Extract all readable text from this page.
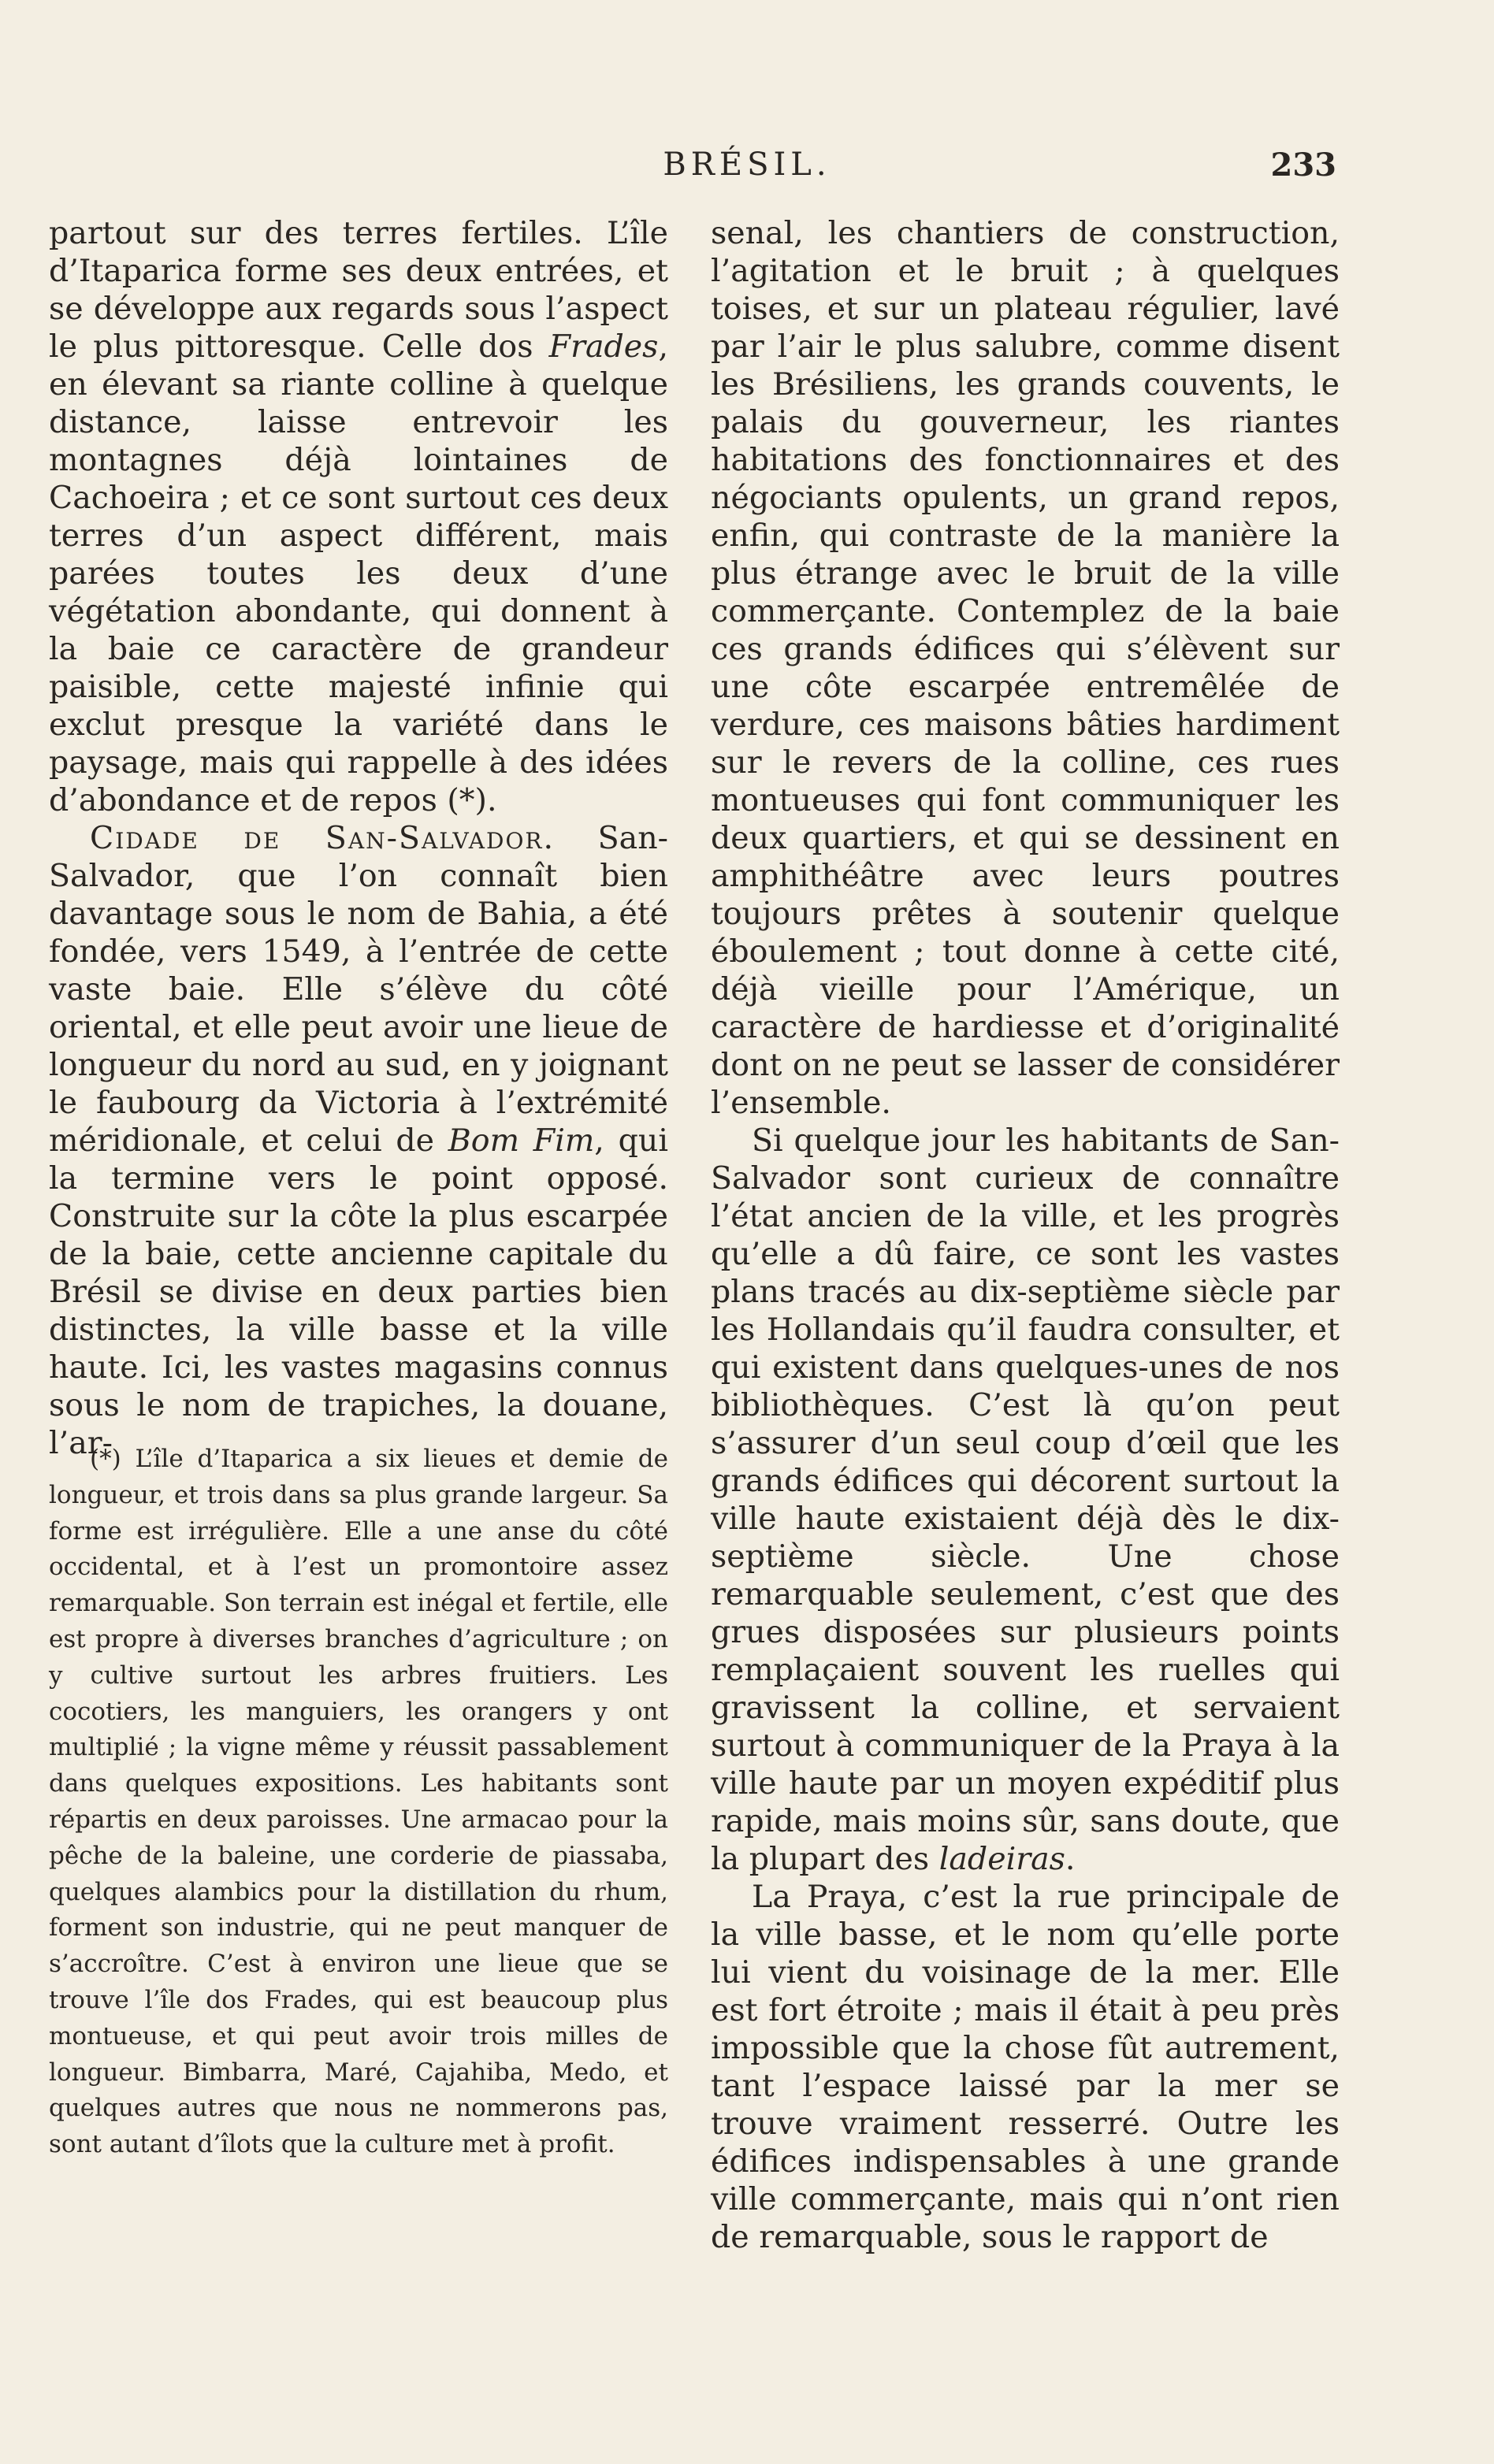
BRÉSIL.	233

partout sur des terres fertiles. L’île d’Itaparica forme ses deux entrées, et se développe aux regards sous l’aspect le plus pittoresque. Celle dos Frades, en élevant sa riante colline à quelque distance, laisse entrevoir les montagnes déjà lointaines de Cachoeira ; et ce sont surtout ces deux terres d’un aspect différent, mais parées toutes les deux d’une végétation abondante, qui donnent à la baie ce caractère de grandeur paisible, cette majesté infinie qui exclut presque la variété dans le paysage, mais qui rappelle à des idées d’abondance et de repos (*).

Cidade de San-Salvador. San-Salvador, que l’on connaît bien davantage sous le nom de Bahia, a été fondée, vers 1549, à l’entrée de cette vaste baie. Elle s’élève du côté oriental, et elle peut avoir une lieue de longueur du nord au sud, en y joignant le faubourg da Victoria à l’extrémité méridionale, et celui de Bom Fim, qui la termine vers le point opposé. Construite sur la côte la plus escarpée de la baie, cette ancienne capitale du Brésil se divise en deux parties bien distinctes, la ville basse et la ville haute. Ici, les vastes magasins connus sous le nom de trapiches, la douane, l’ar-

(*) L’île d’Itaparica a six lieues et demie de longueur, et trois dans sa plus grande largeur. Sa forme est irrégulière. Elle a une anse du côté occidental, et à l’est un promontoire assez remarquable. Son terrain est inégal et fertile, elle est propre à diverses branches d’agriculture ; on y cultive surtout les arbres fruitiers. Les cocotiers, les manguiers, les orangers y ont multiplié ; la vigne même y réussit passablement dans quelques expositions. Les habitants sont répartis en deux paroisses. Une armacao pour la pêche de la baleine, une corderie de piassaba, quelques alambics pour la distillation du rhum, forment son industrie, qui ne peut manquer de s’accroître. C’est à environ une lieue que se trouve l’île dos Frades, qui est beaucoup plus montueuse, et qui peut avoir trois milles de longueur. Bimbarra, Maré, Cajahiba, Medo, et quelques autres que nous ne nommerons pas, sont autant d’îlots que la culture met à profit.

senal, les chantiers de construction, l’agitation et le bruit ; à quelques toises, et sur un plateau régulier, lavé par l’air le plus salubre, comme disent les Brésiliens, les grands couvents, le palais du gouverneur, les riantes habitations des fonctionnaires et des négociants opulents, un grand repos, enfin, qui contraste de la manière la plus étrange avec le bruit de la ville commerçante. Contemplez de la baie ces grands édifices qui s’élèvent sur une côte escarpée entremêlée de verdure, ces maisons bâties hardiment sur le revers de la colline, ces rues montueuses qui font communiquer les deux quartiers, et qui se dessinent en amphithéâtre avec leurs poutres toujours prêtes à soutenir quelque éboulement ; tout donne à cette cité, déjà vieille pour l’Amérique, un caractère de hardiesse et d’originalité dont on ne peut se lasser de considérer l’ensemble.

Si quelque jour les habitants de San-Salvador sont curieux de connaître l’état ancien de la ville, et les progrès qu’elle a dû faire, ce sont les vastes plans tracés au dix-septième siècle par les Hollandais qu’il faudra consulter, et qui existent dans quelques-unes de nos bibliothèques. C’est là qu’on peut s’assurer d’un seul coup d’œil que les grands édifices qui décorent surtout la ville haute existaient déjà dès le dix-septième siècle. Une chose remarquable seulement, c’est que des grues disposées sur plusieurs points remplaçaient souvent les ruelles qui gravissent la colline, et servaient surtout à communiquer de la Praya à la ville haute par un moyen expéditif plus rapide, mais moins sûr, sans doute, que la plupart des ladeiras.

La Praya, c’est la rue principale de la ville basse, et le nom qu’elle porte lui vient du voisinage de la mer. Elle est fort étroite ; mais il était à peu près impossible que la chose fût autrement, tant l’espace laissé par la mer se trouve vraiment resserré. Outre les édifices indispensables à une grande ville commerçante, mais qui n’ont rien de remarquable, sous le rapport de
